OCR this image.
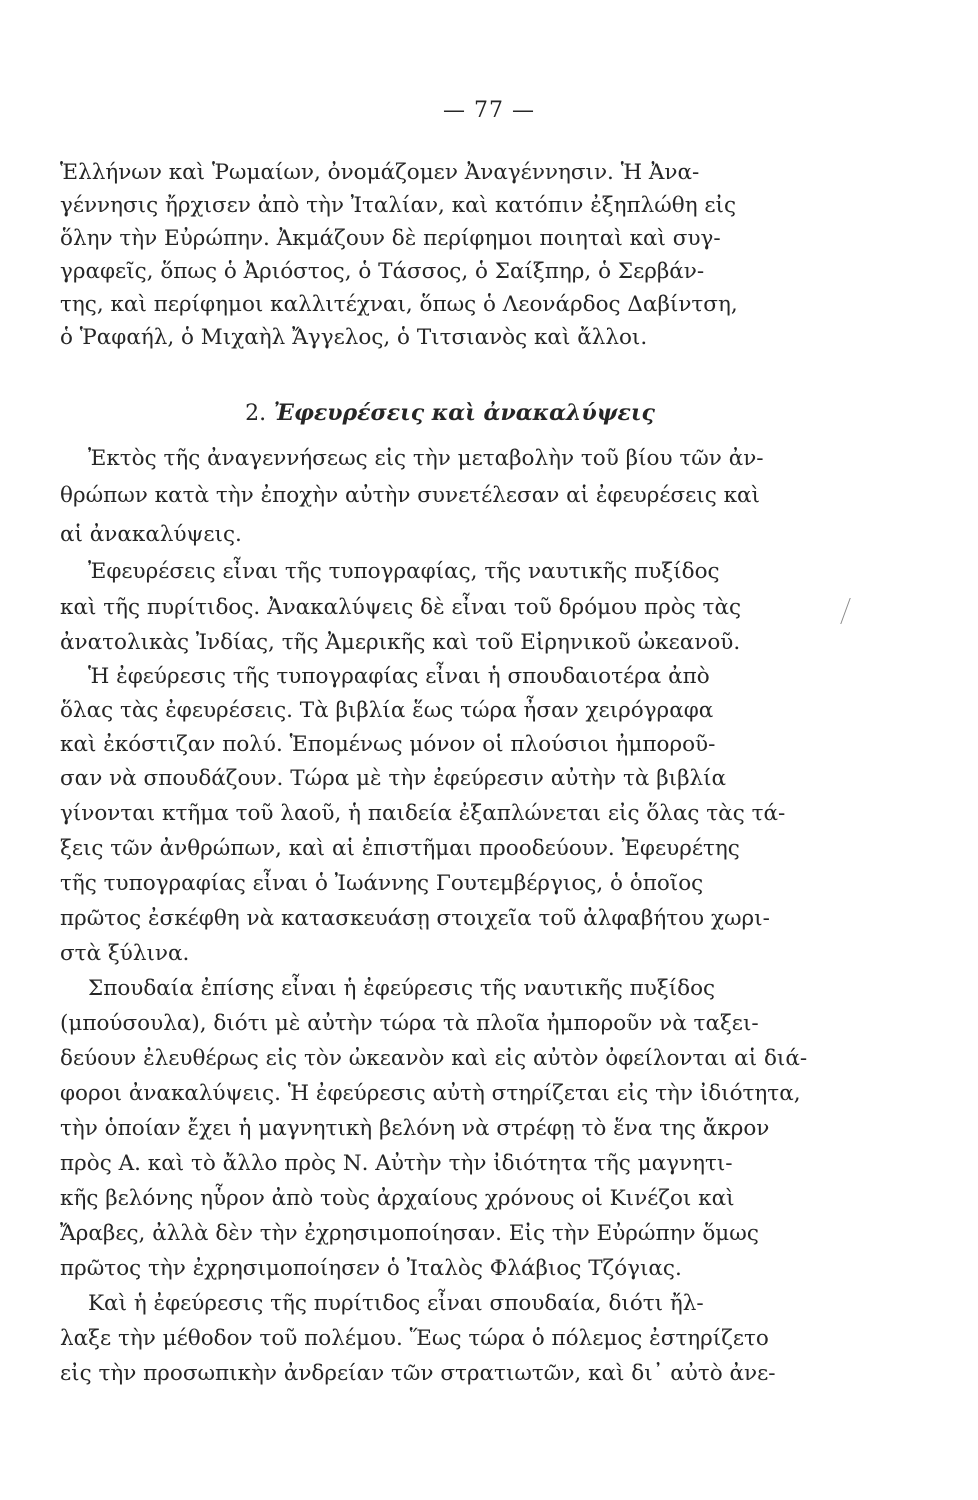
— 77 —
Ἑλλήνων καὶ Ῥωμαίων, ὀνομάζομεν Ἀναγέννησιν. Ἡ Ἀνα-
γέννησις ἤρχισεν ἀπὸ τὴν Ἰταλίαν, καὶ κατόπιν ἐξηπλώθη εἰς
ὅλην τὴν Εὐρώπην. Ἀκμάζουν δὲ περίφημοι ποιηταὶ καὶ συγ-
γραφεῖς, ὅπως ὁ Ἀριόστος, ὁ Τάσσος, ὁ Σαίξπηρ, ὁ Σερβάν-
της, καὶ περίφημοι καλλιτέχναι, ὅπως ὁ Λεονάρδος Δαβίντση,
ὁ Ῥαφαήλ, ὁ Μιχαὴλ Ἄγγελος, ὁ Τιτσιανὸς καὶ ἄλλοι.
2. Ἐφευρέσεις καὶ ἀνακαλύψεις
Ἐκτὸς τῆς ἀναγεννήσεως εἰς τὴν μεταβολὴν τοῦ βίου τῶν ἀν-
θρώπων κατὰ τὴν ἐποχὴν αὐτὴν συνετέλεσαν αἱ ἐφευρέσεις καὶ
αἱ ἀνακαλύψεις.
Ἐφευρέσεις εἶναι τῆς τυπογραφίας, τῆς ναυτικῆς πυξίδος
καὶ τῆς πυρίτιδος. Ἀνακαλύψεις δὲ εἶναι τοῦ δρόμου πρὸς τὰς
ἀνατολικὰς Ἰνδίας, τῆς Ἀμερικῆς καὶ τοῦ Εἰρηνικοῦ ὠκεανοῦ.
Ἡ ἐφεύρεσις τῆς τυπογραφίας εἶναι ἡ σπουδαιοτέρα ἀπὸ
ὅλας τὰς ἐφευρέσεις. Τὰ βιβλία ἕως τώρα ἦσαν χειρόγραφα
καὶ ἐκόστιζαν πολύ. Ἑπομένως μόνον οἱ πλούσιοι ἠμποροῦ-
σαν νὰ σπουδάζουν. Τώρα μὲ τὴν ἐφεύρεσιν αὐτὴν τὰ βιβλία
γίνονται κτῆμα τοῦ λαοῦ, ἡ παιδεία ἐξαπλώνεται εἰς ὅλας τὰς τά-
ξεις τῶν ἀνθρώπων, καὶ αἱ ἐπιστῆμαι προοδεύουν. Ἐφευρέτης
τῆς τυπογραφίας εἶναι ὁ Ἰωάννης Γουτεμβέργιος, ὁ ὁποῖος
πρῶτος ἐσκέφθη νὰ κατασκευάσῃ στοιχεῖα τοῦ ἀλφαβήτου χωρι-
στὰ ξύλινα.
Σπουδαία ἐπίσης εἶναι ἡ ἐφεύρεσις τῆς ναυτικῆς πυξίδος
(μπούσουλα), διότι μὲ αὐτὴν τώρα τὰ πλοῖα ἠμποροῦν νὰ ταξει-
δεύουν ἐλευθέρως εἰς τὸν ὠκεανὸν καὶ εἰς αὐτὸν ὀφείλονται αἱ διά-
φοροι ἀνακαλύψεις. Ἡ ἐφεύρεσις αὐτὴ στηρίζεται εἰς τὴν ἰδιότητα,
τὴν ὁποίαν ἔχει ἡ μαγνητικὴ βελόνη νὰ στρέφῃ τὸ ἕνα της ἄκρον
πρὸς Α. καὶ τὸ ἄλλο πρὸς Ν. Αὐτὴν τὴν ἰδιότητα τῆς μαγνητι-
κῆς βελόνης ηὗρον ἀπὸ τοὺς ἀρχαίους χρόνους οἱ Κινέζοι καὶ
Ἄραβες, ἀλλὰ δὲν τὴν ἐχρησιμοποίησαν. Εἰς τὴν Εὐρώπην ὅμως
πρῶτος τὴν ἐχρησιμοποίησεν ὁ Ἰταλὸς Φλάβιος Τζόγιας.
Καὶ ἡ ἐφεύρεσις τῆς πυρίτιδος εἶναι σπουδαία, διότι ἤλ-
λαξε τὴν μέθοδον τοῦ πολέμου. Ἕως τώρα ὁ πόλεμος ἐστηρίζετο
εἰς τὴν προσωπικὴν ἀνδρείαν τῶν στρατιωτῶν, καὶ δι᾿ αὐτὸ ἀνε-
